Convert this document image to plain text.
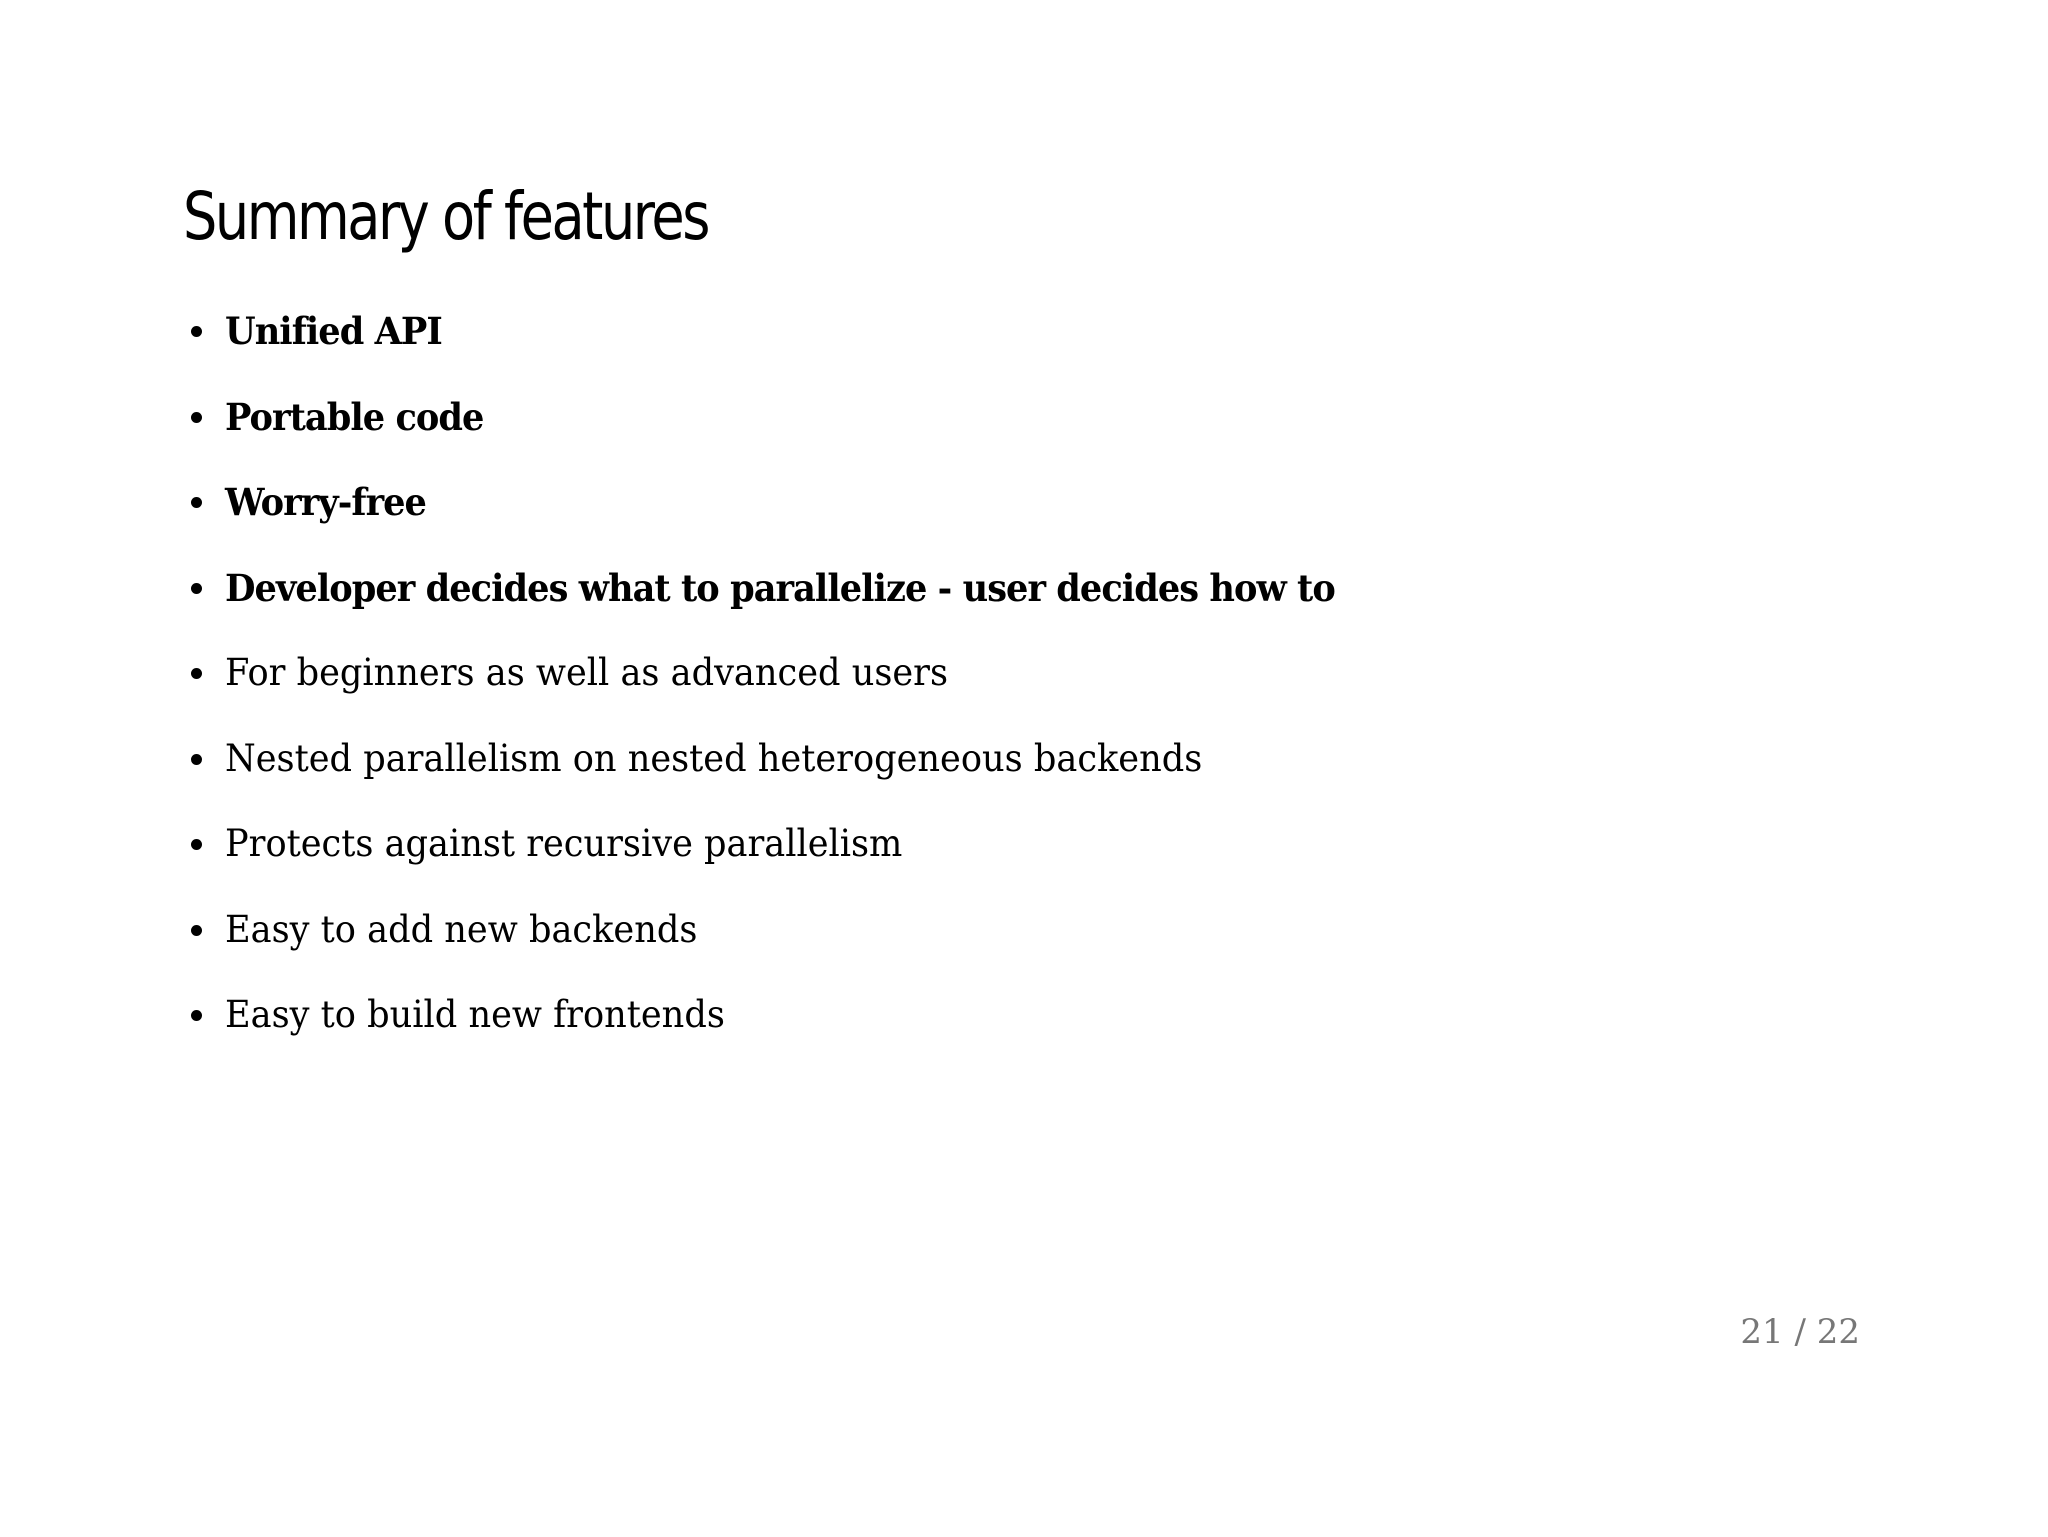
Summary of features
Unified API
Portable code
Worry-free
Developer decides what to parallelize - user decides how to
For beginners as well as advanced users
Nested parallelism on nested heterogeneous backends
Protects against recursive parallelism
Easy to add new backends
Easy to build new frontends
21 / 22
